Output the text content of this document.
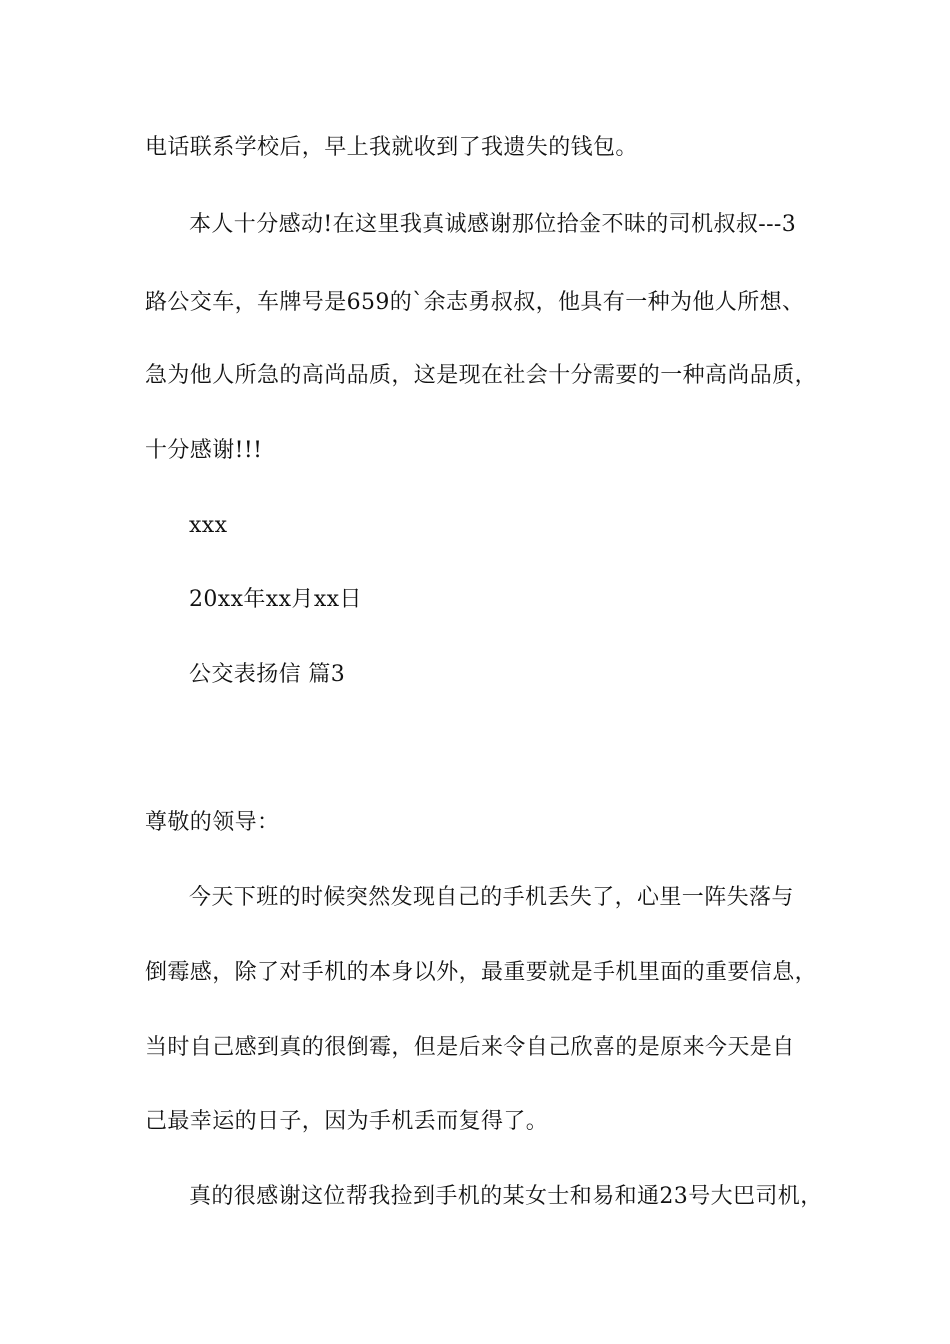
电话联系学校后，早上我就收到了我遗失的钱包。

本人十分感动!在这里我真诚感谢那位拾金不昧的司机叔叔---3

路公交车，车牌号是659的`余志勇叔叔，他具有一种为他人所想、

急为他人所急的高尚品质，这是现在社会十分需要的一种高尚品质，

十分感谢!!!

xxx

20xx年xx月xx日

公交表扬信 篇3

尊敬的领导：

今天下班的时候突然发现自己的手机丢失了，心里一阵失落与

倒霉感，除了对手机的本身以外，最重要就是手机里面的重要信息，

当时自己感到真的很倒霉，但是后来令自己欣喜的是原来今天是自

己最幸运的日子，因为手机丢而复得了。

真的很感谢这位帮我捡到手机的某女士和易和通23号大巴司机，
